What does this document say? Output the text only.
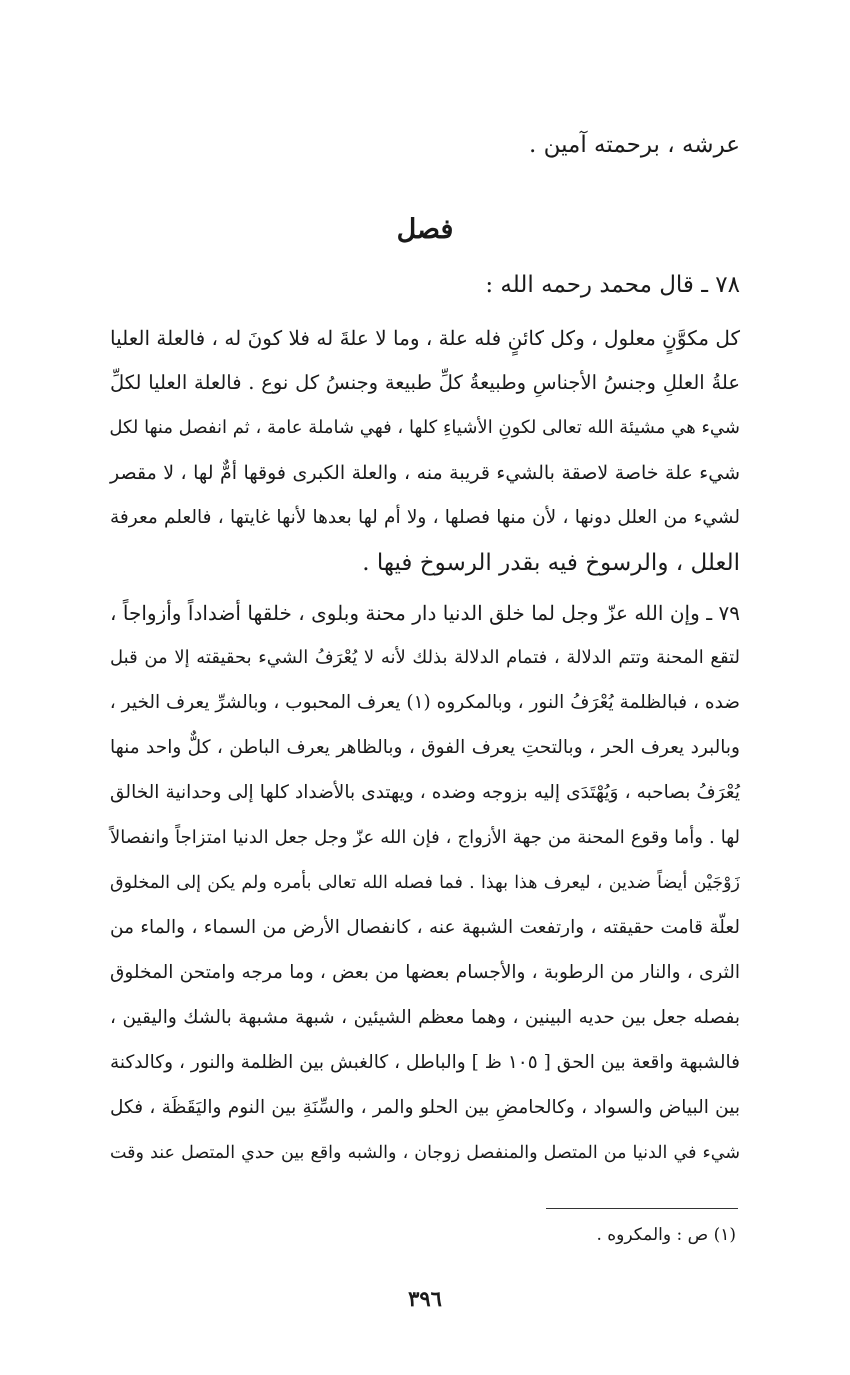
عرشه ، برحمته آمين .
فصل
٧٨ ـ قال محمد رحمه الله :
كل مكوَّنٍ معلول ، وكل كائنٍ فله علة ، وما لا علةَ له فلا كونَ له ، فالعلة العليا
علةُ العللِ وجنسُ الأجناسِ وطبيعةُ كلِّ طبيعة وجنسُ كل نوع . فالعلة العليا لكلِّ
شيء هي مشيئة الله تعالى لكونِ الأشياءِ كلها ، فهي شاملة عامة ، ثم انفصل منها لكل
شيء علة خاصة لاصقة بالشيء قريبة منه ، والعلة الكبرى فوقها أمٌّ لها ، لا مقصر
لشيء من العلل دونها ، لأن منها فصلها ، ولا أم لها بعدها لأنها غايتها ، فالعلم معرفة
العلل ، والرسوخ فيه بقدر الرسوخ فيها .
٧٩ ـ وإن الله عزّ وجل لما خلق الدنيا دار محنة وبلوى ، خلقها أضداداً وأزواجاً ،
لتقع المحنة وتتم الدلالة ، فتمام الدلالة بذلك لأنه لا يُعْرَفُ الشيء بحقيقته إلا من قبل
ضده ، فبالظلمة يُعْرَفُ النور ، وبالمكروه (١) يعرف المحبوب ، وبالشرِّ يعرف الخير ،
وبالبرد يعرف الحر ، وبالتحتِ يعرف الفوق ، وبالظاهر يعرف الباطن ، كلٌّ واحد منها
يُعْرَفُ بصاحبه ، وَيُهْتَدَى إليه بزوجه وضده ، ويهتدى بالأضداد كلها إلى وحدانية الخالق
لها . وأما وقوع المحنة من جهة الأزواج ، فإن الله عزّ وجل جعل الدنيا امتزاجاً وانفصالاً
زَوْجَيْن أيضاً ضدين ، ليعرف هذا بهذا . فما فصله الله تعالى بأمره ولم يكن إلى المخلوق
لعلّة قامت حقيقته ، وارتفعت الشبهة عنه ، كانفصال الأرض من السماء ، والماء من
الثرى ، والنار من الرطوبة ، والأجسام بعضها من بعض ، وما مرجه وامتحن المخلوق
بفصله جعل بين حديه البينين ، وهما معظم الشيئين ، شبهة مشبهة بالشك واليقين ،
فالشبهة واقعة بين الحق [ ١٠٥ ظ ] والباطل ، كالغبش بين الظلمة والنور ، وكالدكنة
بين البياض والسواد ، وكالحامضِ بين الحلو والمر ، والسِّنَةِ بين النوم واليَقَظَة ، فكل
شيء في الدنيا من المتصل والمنفصل زوجان ، والشبه واقع بين حدي المتصل عند وقت
(١) ص : والمكروه .
٣٩٦
